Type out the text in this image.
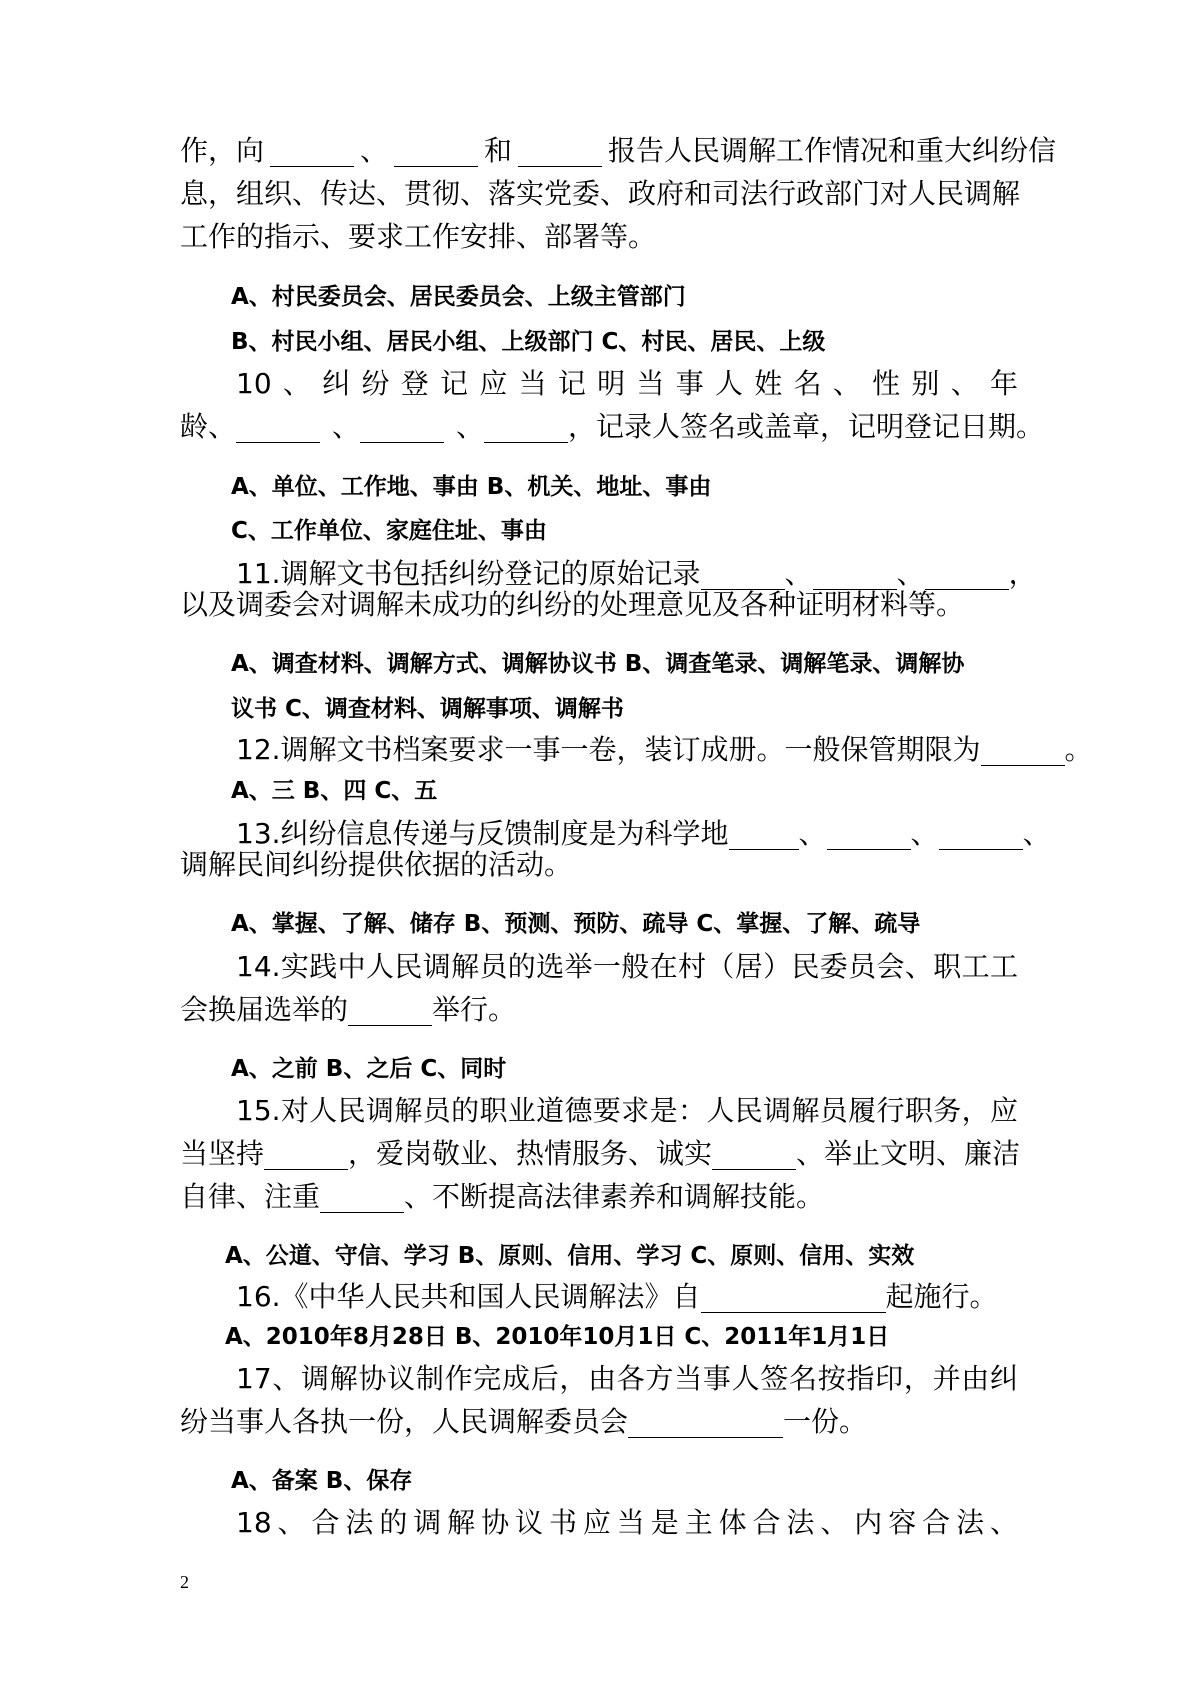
作，向	、	和	报告人民调解工作情况和重大纠纷信
息，组织、传达、贯彻、落实党委、政府和司法行政部门对人民调解
工作的指示、要求工作安排、部署等。
A、村民委员会、居民委员会、上级主管部门
B、村民小组、居民小组、上级部门 C、村民、居民、上级
10、纠纷登记应当记明当事人姓名、性别、年
龄、	、	、	，记录人签名或盖章，记明登记日期。
A、单位、工作地、事由 B、机关、地址、事由
C、工作单位、家庭住址、事由
11.调解文书包括纠纷登记的原始记录	、	、	，
以及调委会对调解未成功的纠纷的处理意见及各种证明材料等。
A、调查材料、调解方式、调解协议书 B、调查笔录、调解笔录、调解协
议书 C、调查材料、调解事项、调解书
12.调解文书档案要求一事一卷，装订成册。一般保管期限为	。
A、三 B、四 C、五
13.纠纷信息传递与反馈制度是为科学地	、	、	、
调解民间纠纷提供依据的活动。
A、掌握、了解、储存 B、预测、预防、疏导 C、掌握、了解、疏导
14.实践中人民调解员的选举一般在村（居）民委员会、职工工
会换届选举的	举行。
A、之前 B、之后 C、同时
15.对人民调解员的职业道德要求是：人民调解员履行职务，应
当坚持	，爱岗敬业、热情服务、诚实	、举止文明、廉洁
自律、注重	、不断提高法律素养和调解技能。
A、公道、守信、学习 B、原则、信用、学习 C、原则、信用、实效
16.《中华人民共和国人民调解法》自	起施行。
A、2010年8月28日 B、2010年10月1日 C、2011年1月1日
17、调解协议制作完成后，由各方当事人签名按指印，并由纠
纷当事人各执一份，人民调解委员会	一份。
A、备案 B、保存
18、合法的调解协议书应当是主体合法、内容合法、
2
